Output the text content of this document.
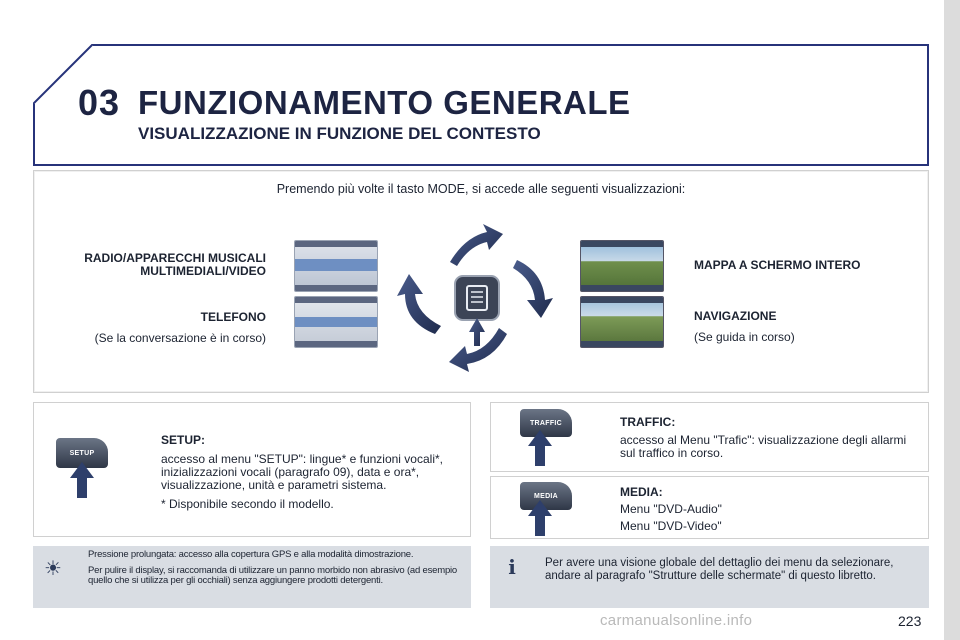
03 FUNZIONAMENTO GENERALE
VISUALIZZAZIONE IN FUNZIONE DEL CONTESTO
Premendo più volte il tasto MODE, si accede alle seguenti visualizzazioni:
RADIO/APPARECCHI MUSICALI
MULTIMEDIALI/VIDEO
TELEFONO
(Se la conversazione è in corso)
MAPPA A SCHERMO INTERO
NAVIGAZIONE
(Se guida in corso)
SETUP
TRAFFIC
MEDIA

SETUP:

accesso al menu "SETUP": lingue* e funzioni vocali*, inizializzazioni vocali (paragrafo 09), data e ora*, visualizzazione, unità e parametri sistema.

* Disponibile secondo il modello.

TRAFFIC:

accesso al Menu "Trafic": visualizzazione degli allarmi sul traffico in corso.

MEDIA:

Menu "DVD-Audio"

Menu "DVD-Video"

☀	i

Pressione prolungata: accesso alla copertura GPS e alla modalità dimostrazione.

Per pulire il display, si raccomanda di utilizzare un panno morbido non abrasivo (ad esempio quello che si utilizza per gli occhiali) senza aggiungere prodotti detergenti.

Per avere una visione globale del dettaglio dei menu da selezionare, andare al paragrafo "Strutture delle schermate" di questo libretto.
carmanualsonline.info	223
